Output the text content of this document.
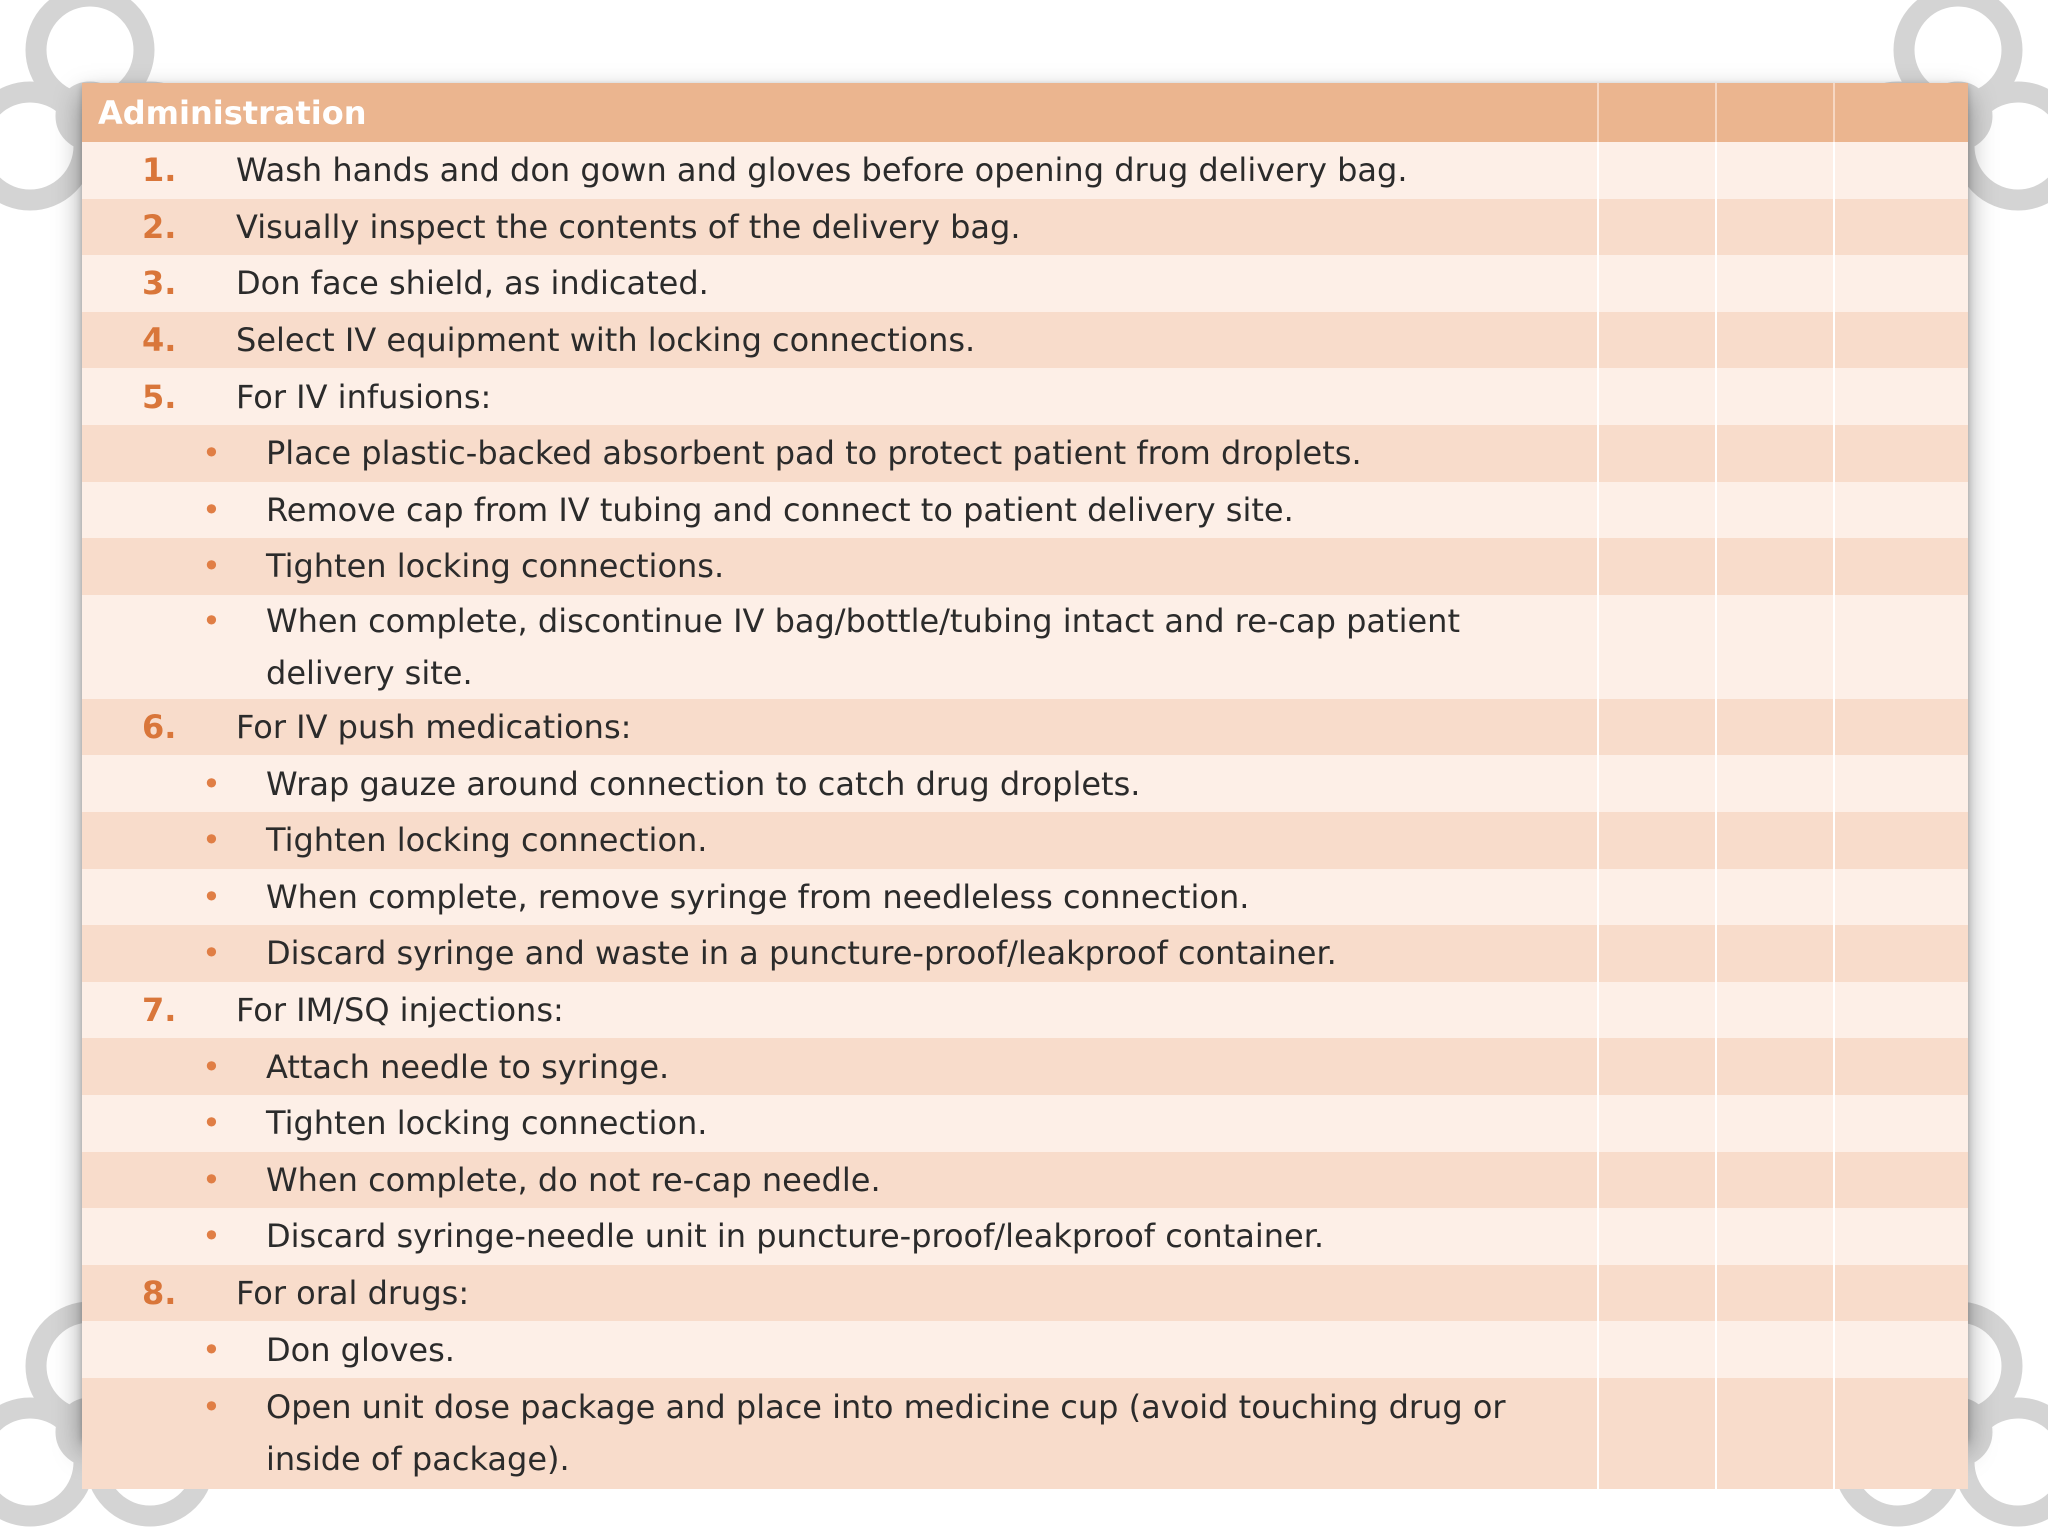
Administration			

1. Wash hands and don gown and gloves before opening drug delivery bag.			

2. Visually inspect the contents of the delivery bag.			

3. Don face shield, as indicated.			

4. Select IV equipment with locking connections.			

5. For IV infusions:			

• Place plastic-backed absorbent pad to protect patient from droplets.			

• Remove cap from IV tubing and connect to patient delivery site.			

• Tighten locking connections.			

• When complete, discontinue IV bag/bottle/tubing intact and re-cap patient delivery site.			

6. For IV push medications:			

• Wrap gauze around connection to catch drug droplets.			

• Tighten locking connection.			

• When complete, remove syringe from needleless connection.			

• Discard syringe and waste in a puncture-proof/leakproof container.			

7. For IM/SQ injections:			

• Attach needle to syringe.			

• Tighten locking connection.			

• When complete, do not re-cap needle.			

• Discard syringe-needle unit in puncture-proof/leakproof container.			

8. For oral drugs:			

• Don gloves.			

• Open unit dose package and place into medicine cup (avoid touching drug or inside of package).			
